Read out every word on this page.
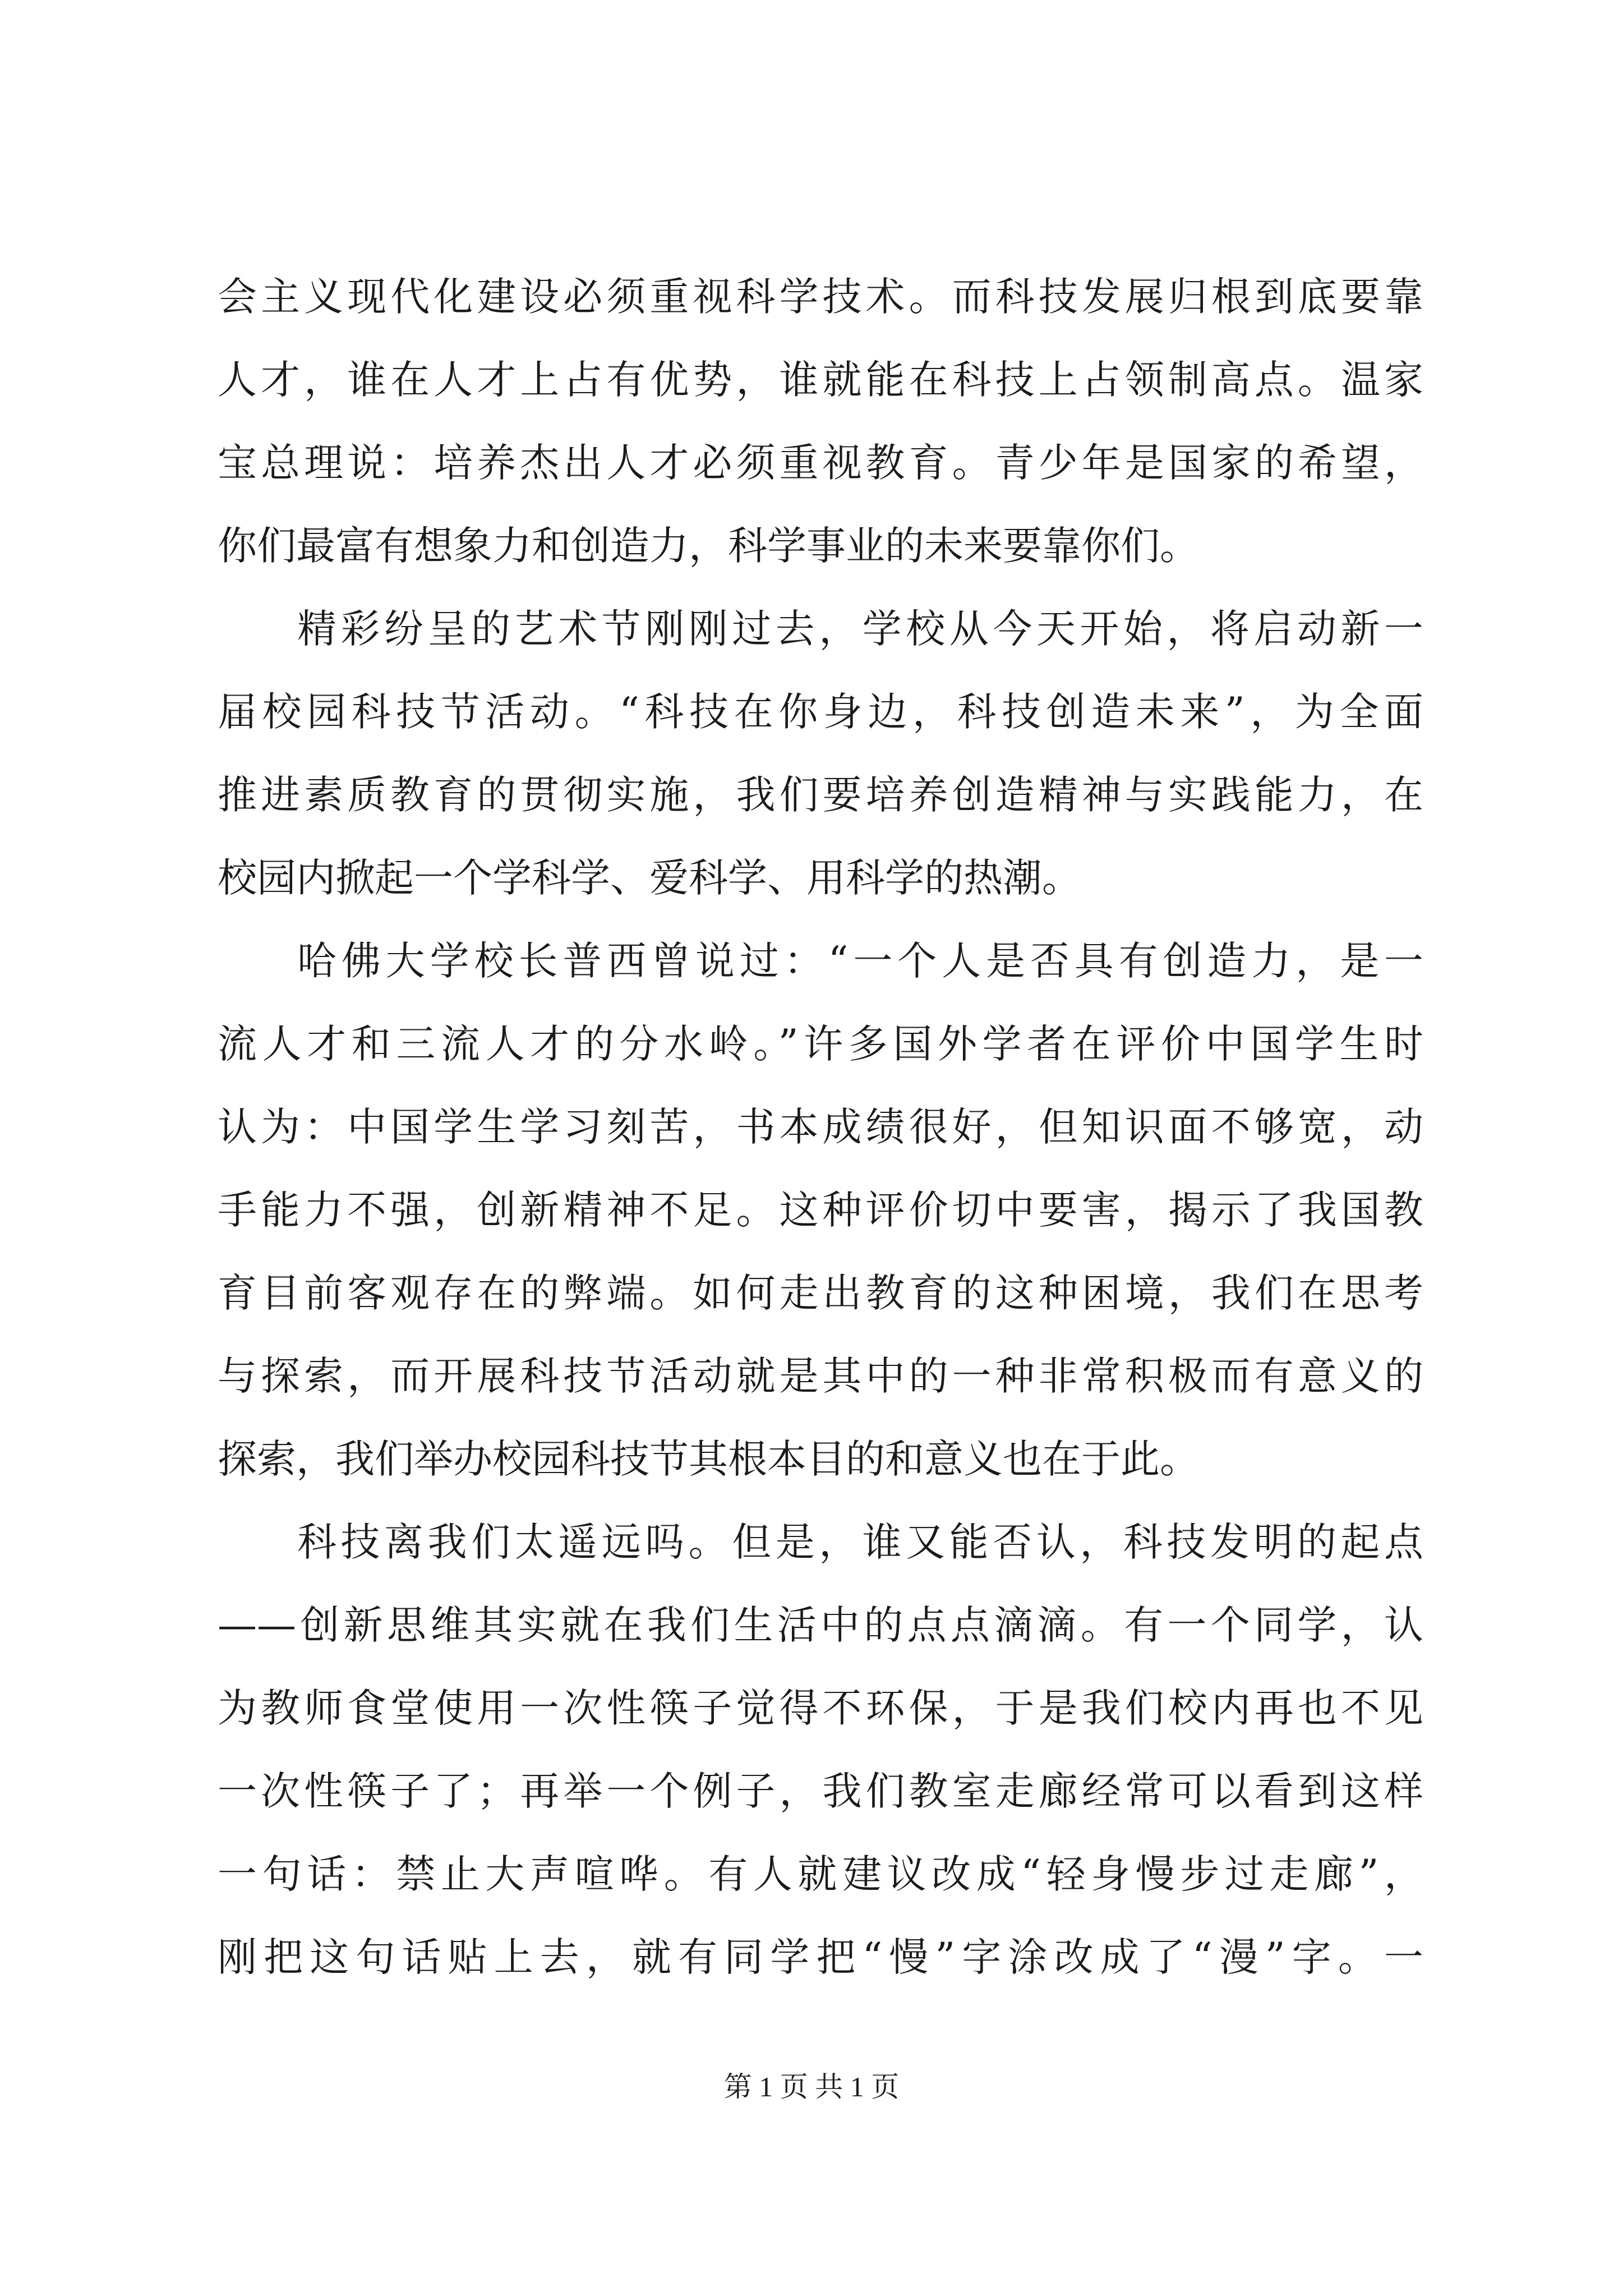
会主义现代化建设必须重视科学技术。而科技发展归根到底要靠
人才，谁在人才上占有优势，谁就能在科技上占领制高点。温家
宝总理说：培养杰出人才必须重视教育。青少年是国家的希望，
你们最富有想象力和创造力，科学事业的未来要靠你们。
精彩纷呈的艺术节刚刚过去，学校从今天开始，将启动新一
届校园科技节活动。“科技在你身边，科技创造未来”，为全面
推进素质教育的贯彻实施，我们要培养创造精神与实践能力，在
校园内掀起一个学科学、爱科学、用科学的热潮。
哈佛大学校长普西曾说过：“一个人是否具有创造力，是一
流人才和三流人才的分水岭。”许多国外学者在评价中国学生时
认为：中国学生学习刻苦，书本成绩很好，但知识面不够宽，动
手能力不强，创新精神不足。这种评价切中要害，揭示了我国教
育目前客观存在的弊端。如何走出教育的这种困境，我们在思考
与探索，而开展科技节活动就是其中的一种非常积极而有意义的
探索，我们举办校园科技节其根本目的和意义也在于此。
科技离我们太遥远吗。但是，谁又能否认，科技发明的起点
——创新思维其实就在我们生活中的点点滴滴。有一个同学，认
为教师食堂使用一次性筷子觉得不环保，于是我们校内再也不见
一次性筷子了；再举一个例子，我们教室走廊经常可以看到这样
一句话：禁止大声喧哗。有人就建议改成“轻身慢步过走廊”，
刚把这句话贴上去，就有同学把“慢”字涂改成了“漫”字。一
第 1 页 共 1 页
